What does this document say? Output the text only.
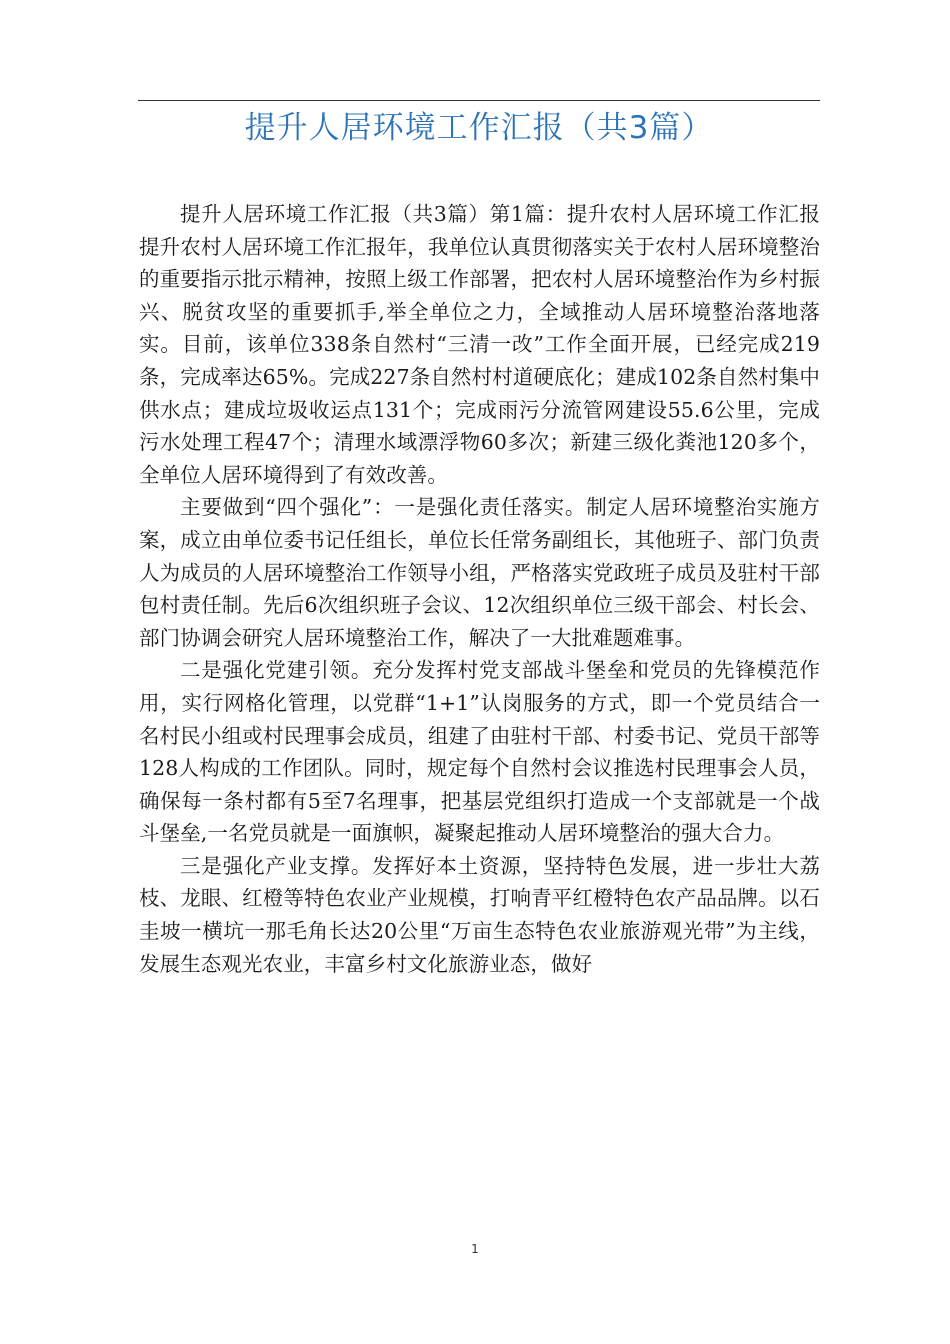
提升人居环境工作汇报（共3篇）

提升人居环境工作汇报（共3篇）第1篇：提升农村人居环境工作汇报提升农村人居环境工作汇报年，我单位认真贯彻落实关于农村人居环境整治的重要指示批示精神，按照上级工作部署，把农村人居环境整治作为乡村振兴、脱贫攻坚的重要抓手,举全单位之力，全域推动人居环境整治落地落实。目前，该单位338条自然村“三清一改”工作全面开展，已经完成219条，完成率达65%。完成227条自然村村道硬底化；建成102条自然村集中供水点；建成垃圾收运点131个；完成雨污分流管网建设55.6公里，完成污水处理工程47个；清理水域漂浮物60多次；新建三级化粪池120多个，全单位人居环境得到了有效改善。

主要做到“四个强化”：一是强化责任落实。制定人居环境整治实施方案，成立由单位委书记任组长，单位长任常务副组长，其他班子、部门负责人为成员的人居环境整治工作领导小组，严格落实党政班子成员及驻村干部包村责任制。先后6次组织班子会议、12次组织单位三级干部会、村长会、部门协调会研究人居环境整治工作，解决了一大批难题难事。

二是强化党建引领。充分发挥村党支部战斗堡垒和党员的先锋模范作用，实行网格化管理，以党群“1+1”认岗服务的方式，即一个党员结合一名村民小组或村民理事会成员，组建了由驻村干部、村委书记、党员干部等128人构成的工作团队。同时，规定每个自然村会议推选村民理事会人员，确保每一条村都有5至7名理事，把基层党组织打造成一个支部就是一个战斗堡垒,一名党员就是一面旗帜，凝聚起推动人居环境整治的强大合力。

三是强化产业支撑。发挥好本土资源，坚持特色发展，进一步壮大荔枝、龙眼、红橙等特色农业产业规模，打响青平红橙特色农产品品牌。以石圭坡一横坑一那毛角长达20公里“万亩生态特色农业旅游观光带”为主线，发展生态观光农业，丰富乡村文化旅游业态，做好

1
